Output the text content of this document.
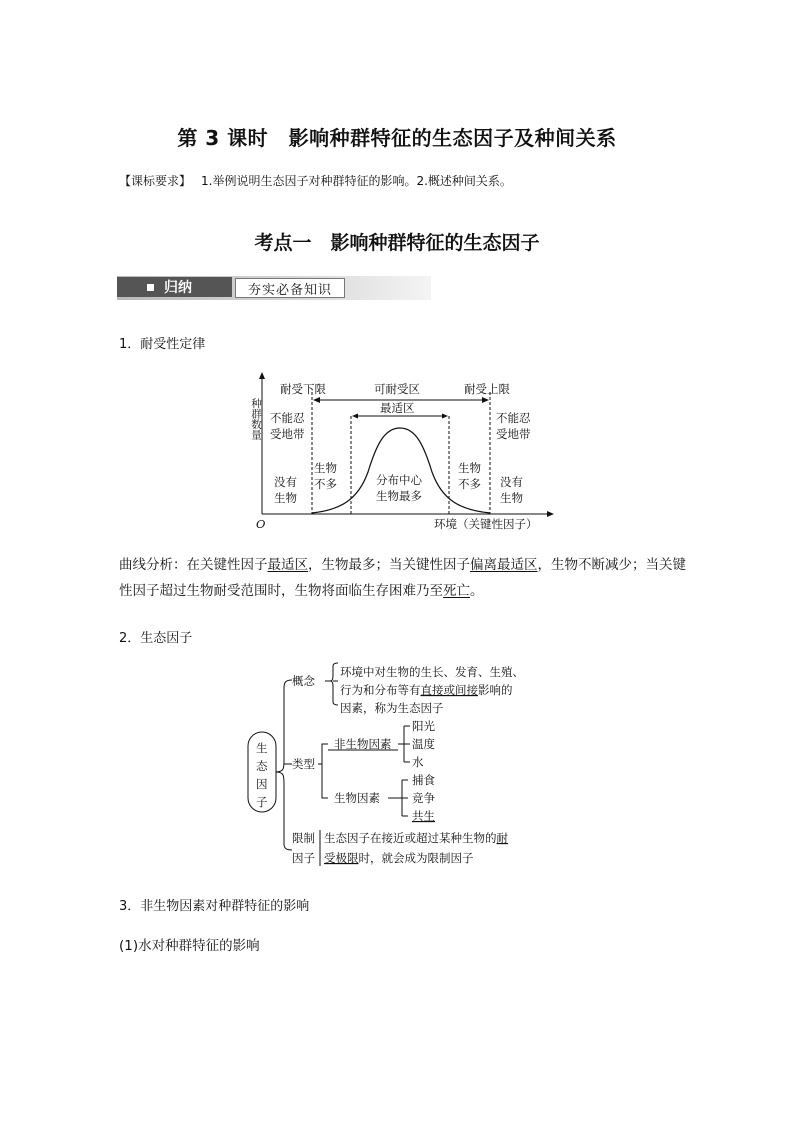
第 3 课时　影响种群特征的生态因子及种间关系
【课标要求】 1.举例说明生态因子对种群特征的影响。2.概述种间关系。
考点一　影响种群特征的生态因子
归纳	夯实必备知识
1．耐受性定律
种群数量
耐受下限	可耐受区	耐受上限
最适区
不能忍
受地带
不能忍
受地带
生物
不多
生物
不多
没有
生物
没有
生物
分布中心
生物最多
O	环境（关键性因子）
曲线分析：在关键性因子最适区，生物最多；当关键性因子偏离最适区，生物不断减少；当关键性因子超过生物耐受范围时，生物将面临生存困难乃至死亡。
2．生态因子
生
态
因
子
概念
环境中对生物的生长、发育、生殖、
行为和分布等有直接或间接影响的
因素，称为生态因子
类型
非生物因素
阳光
温度
水
生物因素
捕食
竞争
共生
限制
因子
生态因子在接近或超过某种生物的耐
受极限时，就会成为限制因子
3．非生物因素对种群特征的影响
(1)水对种群特征的影响
